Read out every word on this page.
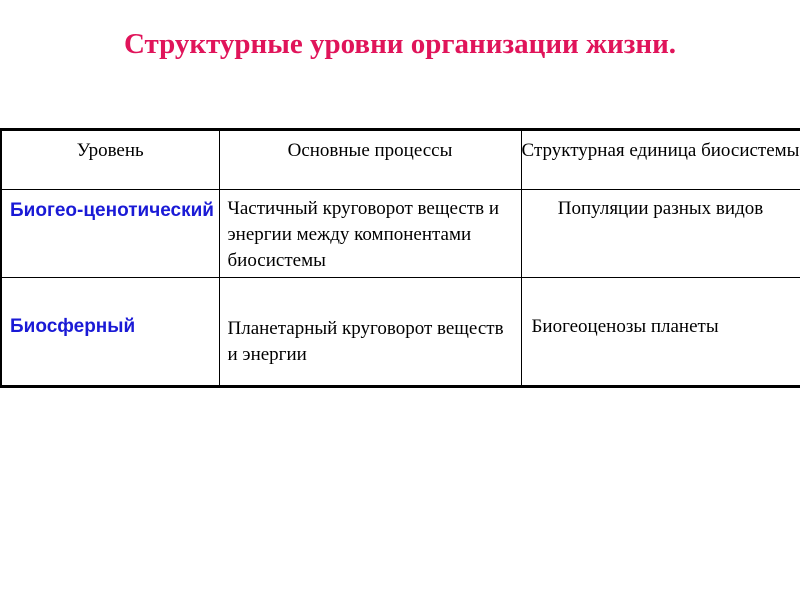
Структурные уровни организации жизни.
Уровень	Основные процессы	Структурная единица биосистемы
Биогео-ценотический	Частичный круговорот веществ и энергии между компонентами биосистемы	Популяции разных видов
Биосферный	Планетарный круговорот веществ и энергии	Биогеоценозы планеты
